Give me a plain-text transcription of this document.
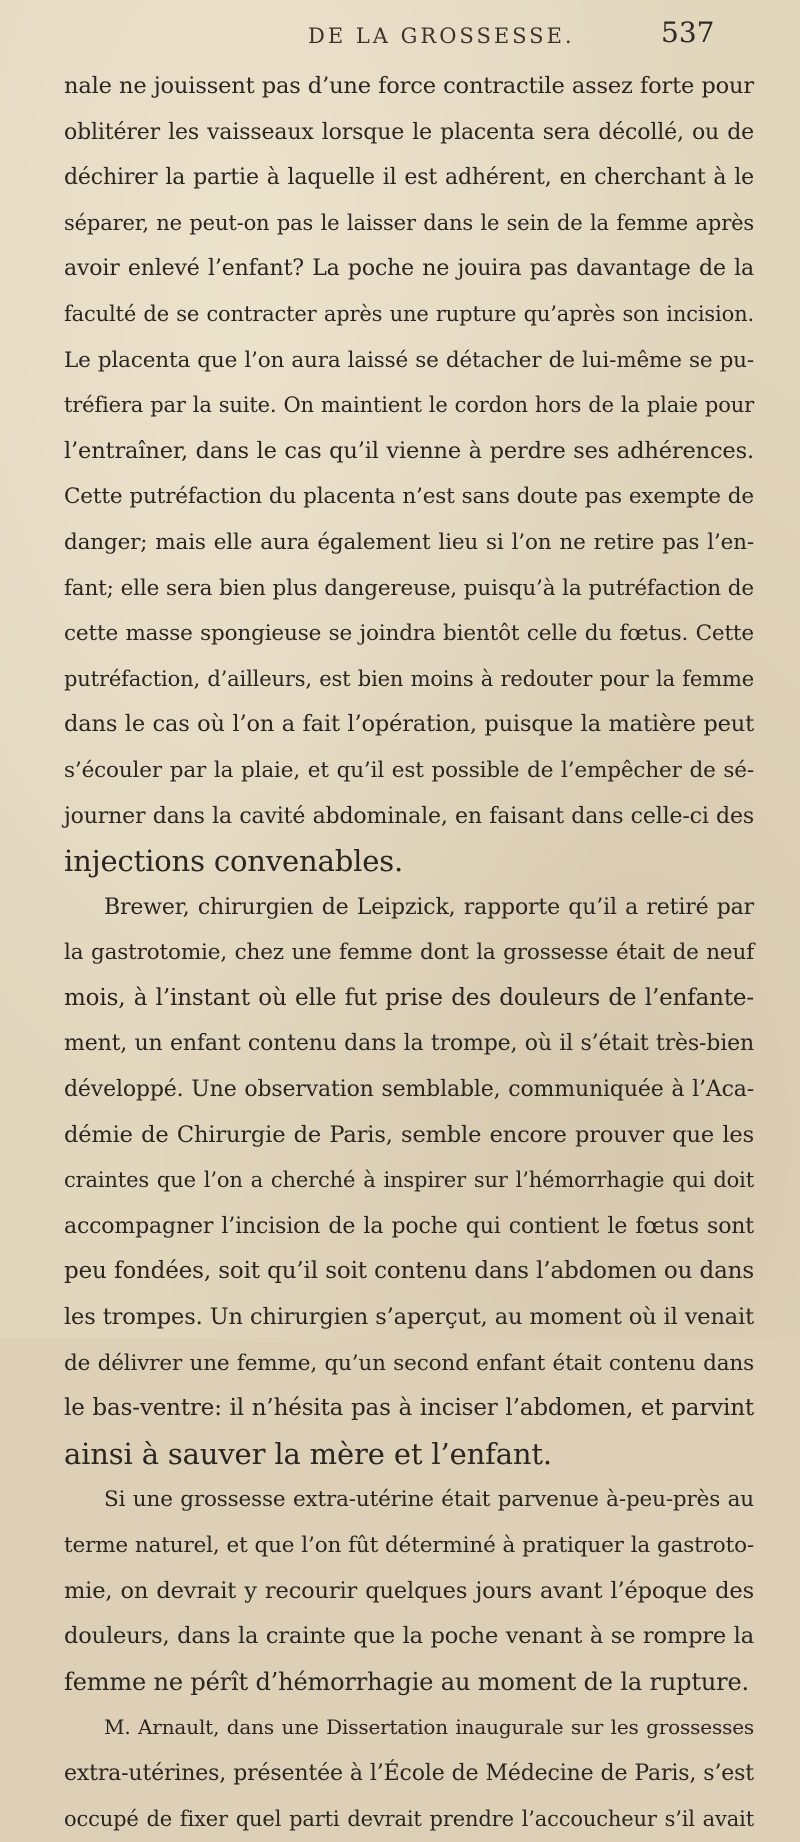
DE LA GROSSESSE.	537
nale ne jouissent pas d’une force contractile assez forte pour
oblitérer les vaisseaux lorsque le placenta sera décollé, ou de
déchirer la partie à laquelle il est adhérent, en cherchant à le
séparer, ne peut-on pas le laisser dans le sein de la femme après
avoir enlevé l’enfant? La poche ne jouira pas davantage de la
faculté de se contracter après une rupture qu’après son incision.
Le placenta que l’on aura laissé se détacher de lui-même se pu-
tréfiera par la suite. On maintient le cordon hors de la plaie pour
l’entraîner, dans le cas qu’il vienne à perdre ses adhérences.
Cette putréfaction du placenta n’est sans doute pas exempte de
danger; mais elle aura également lieu si l’on ne retire pas l’en-
fant; elle sera bien plus dangereuse, puisqu’à la putréfaction de
cette masse spongieuse se joindra bientôt celle du fœtus. Cette
putréfaction, d’ailleurs, est bien moins à redouter pour la femme
dans le cas où l’on a fait l’opération, puisque la matière peut
s’écouler par la plaie, et qu’il est possible de l’empêcher de sé-
journer dans la cavité abdominale, en faisant dans celle-ci des
injections convenables.
Brewer, chirurgien de Leipzick, rapporte qu’il a retiré par
la gastrotomie, chez une femme dont la grossesse était de neuf
mois, à l’instant où elle fut prise des douleurs de l’enfante-
ment, un enfant contenu dans la trompe, où il s’était très-bien
développé. Une observation semblable, communiquée à l’Aca-
démie de Chirurgie de Paris, semble encore prouver que les
craintes que l’on a cherché à inspirer sur l’hémorrhagie qui doit
accompagner l’incision de la poche qui contient le fœtus sont
peu fondées, soit qu’il soit contenu dans l’abdomen ou dans
les trompes. Un chirurgien s’aperçut, au moment où il venait
de délivrer une femme, qu’un second enfant était contenu dans
le bas-ventre: il n’hésita pas à inciser l’abdomen, et parvint
ainsi à sauver la mère et l’enfant.
Si une grossesse extra-utérine était parvenue à-peu-près au
terme naturel, et que l’on fût déterminé à pratiquer la gastroto-
mie, on devrait y recourir quelques jours avant l’époque des
douleurs, dans la crainte que la poche venant à se rompre la
femme ne pérît d’hémorrhagie au moment de la rupture.
M. Arnault, dans une Dissertation inaugurale sur les grossesses
extra-utérines, présentée à l’École de Médecine de Paris, s’est
occupé de fixer quel parti devrait prendre l’accoucheur s’il avait
